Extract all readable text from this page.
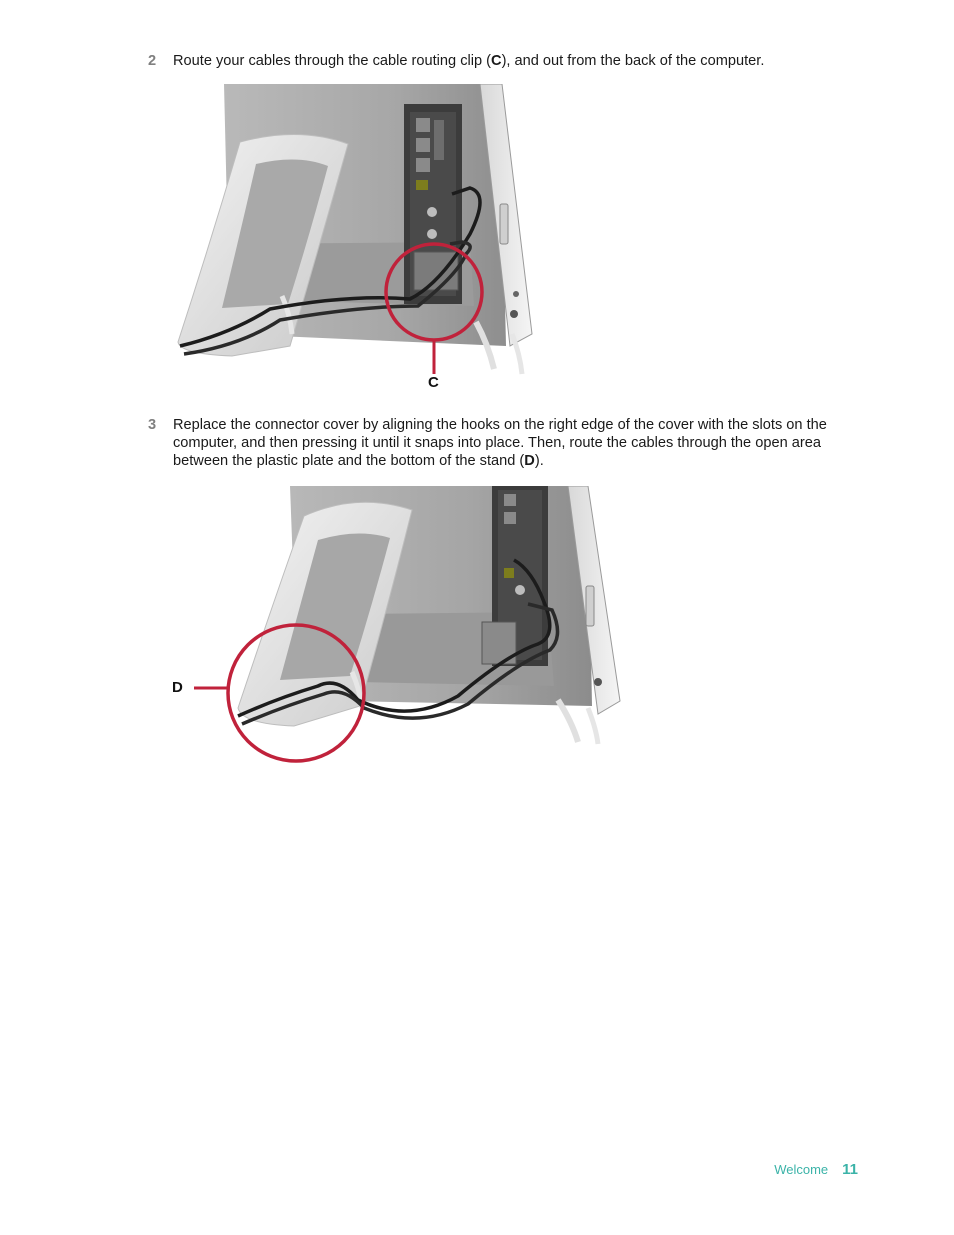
2 Route your cables through the cable routing clip (C), and out from the back of the computer.
C
3 Replace the connector cover by aligning the hooks on the right edge of the cover with the slots on the computer, and then pressing it until it snaps into place. Then, route the cables through the open area between the plastic plate and the bottom of the stand (D).
D
Welcome 11
